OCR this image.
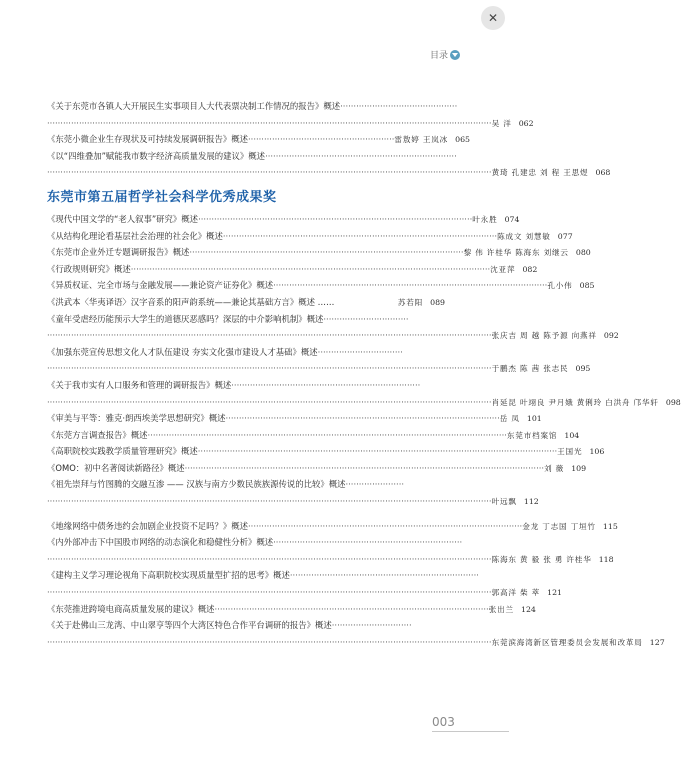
✕
目录
《关于东莞市各镇人大开展民生实事项目人大代表票决制工作情况的报告》概述 ············································
······································································································································································· 吴 洋 062
《东莞小微企业生存现状及可持续发展调研报告》概述 ······················································· 雷敖婷 王岚冰 065
《以“四维叠加”赋能我市数字经济高质量发展的建议》概述 ········································································
······································································································································································· 黄琦 孔建忠 刘 程 王思煜 068
东莞市第五届哲学社会科学优秀成果奖
《现代中国文学的“老人叙事”研究》概述 ······································································································· 叶永胜 074
《从结构化理论看基层社会治理的社会化》概述 ······································································································· 陈成文 刘慧敏 077
《东莞市企业外迁专题调研报告》概述 ······································································································· 黎 伟 许桂华 陈海东 刘继云 080
《行政规则研究》概述 ······································································································································· 沈亚萍 082
《异质权证、完全市场与金融发展——兼论资产证券化》概述 ······································································································· 孔小伟 085
《洪武本〈华夷译语〉汉字音系的阳声韵系统——兼论其基础方言》概述 ……	苏若阳 089
《童年受虐经历能预示大学生的道德厌恶感吗？深层的中介影响机制》概述 ································
······································································································································································· 张庆吉 周 越 陈予源 向燕祥 092
《加强东莞宣传思想文化人才队伍建设 夯实文化强市建设人才基础》概述 ································
······································································································································································· 于鹏杰 陈 茜 张志民 095
《关于我市实有人口服务和管理的调研报告》概述 ·······································································
······································································································································································· 肖延昆 叶翊良 尹月娥 黄俐玲 白洪舟 邝华轩 098
《审美与平等：雅克·朗西埃美学思想研究》概述 ······································································································· 岳 凤 101
《东莞方言调查报告》概述 ······································································································································· 东莞市档案馆 104
《高职院校实践教学质量管理研究》概述 ······································································································································· 王国光 106
《OMO：初中名著阅读新路径》概述 ······································································································································· 刘 薇 109
《祖先崇拜与竹图腾的交融互渗 —— 汉族与南方少数民族族源传说的比较》概述 ······················
······································································································································································· 叶远飘 112
《地缘网络中债务违约会加剧企业投资不足吗？》概述 ······································································································· 金龙 丁志国 丁垣竹 115
《内外部冲击下中国股市网络的动态演化和稳健性分析》概述 ·······································································
······································································································································································· 陈海东 黄 毅 张 勇 许桂华 118
《建构主义学习理论视角下高职院校实现质量型扩招的思考》概述 ·······································································
······································································································································································· 郭高洋 柴 萃 121
《东莞推进跨境电商高质量发展的建议》概述 ······································································································· 张出兰 124
《关于赴佛山三龙湾、中山翠亨等四个大湾区特色合作平台调研的报告》概述 ······························
······································································································································································· 东莞滨海湾新区管理委员会发展和改革局 127
003
